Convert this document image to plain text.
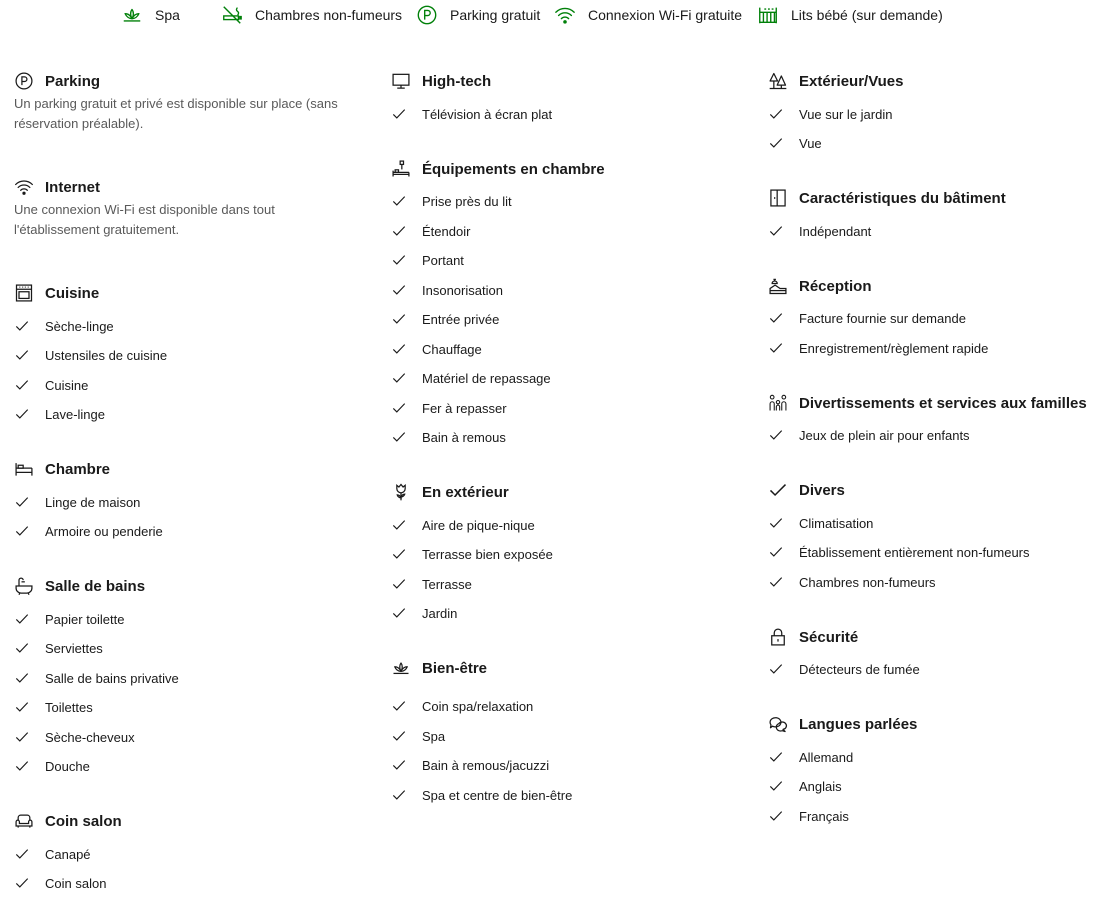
Spa	Chambres non-fumeurs	Parking gratuit	Connexion Wi-Fi gratuite	Lits bébé (sur demande)
Parking
Un parking gratuit et privé est disponible sur place (sans réservation préalable).
Internet
Une connexion Wi-Fi est disponible dans tout l'établissement gratuitement.
Cuisine
Sèche-linge
Ustensiles de cuisine
Cuisine
Lave-linge
Chambre
Linge de maison
Armoire ou penderie
Salle de bains
Papier toilette
Serviettes
Salle de bains privative
Toilettes
Sèche-cheveux
Douche
Coin salon
Canapé
Coin salon
High-tech
Télévision à écran plat
Équipements en chambre
Prise près du lit
Étendoir
Portant
Insonorisation
Entrée privée
Chauffage
Matériel de repassage
Fer à repasser
Bain à remous
En extérieur
Aire de pique-nique
Terrasse bien exposée
Terrasse
Jardin
Bien-être
Coin spa/relaxation
Spa
Bain à remous/jacuzzi
Spa et centre de bien-être
Extérieur/Vues
Vue sur le jardin
Vue
Caractéristiques du bâtiment
Indépendant
Réception
Facture fournie sur demande
Enregistrement/règlement rapide
Divertissements et services aux familles
Jeux de plein air pour enfants
Divers
Climatisation
Établissement entièrement non-fumeurs
Chambres non-fumeurs
Sécurité
Détecteurs de fumée
Langues parlées
Allemand
Anglais
Français
